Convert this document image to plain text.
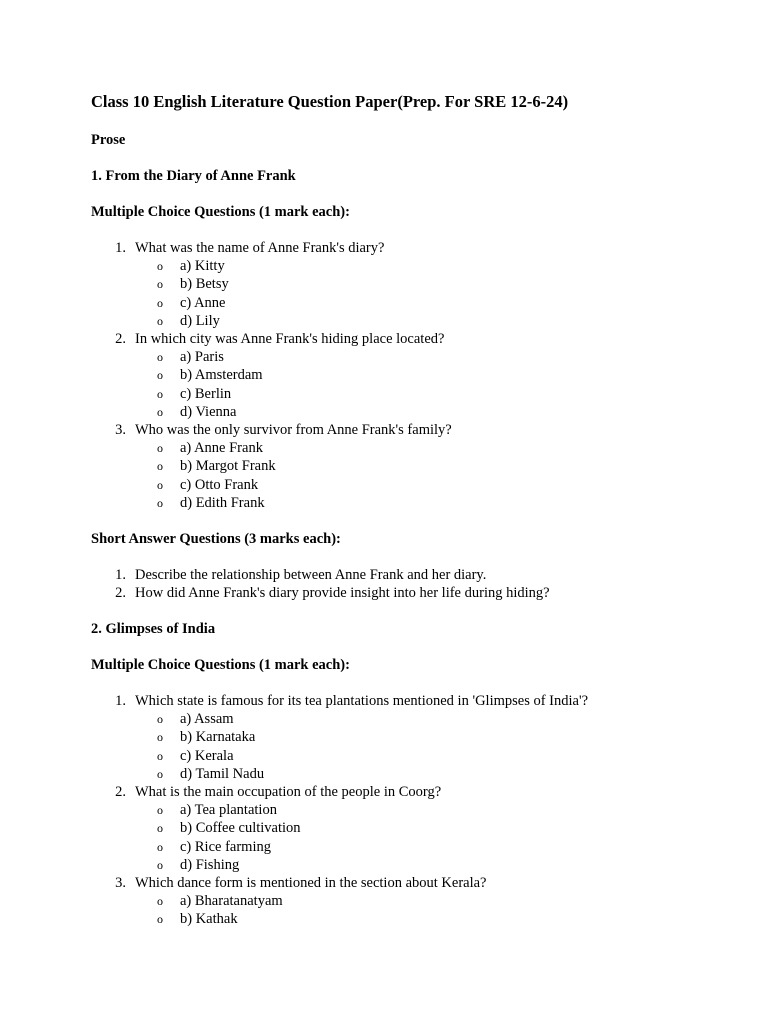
Class 10 English Literature Question Paper(Prep. For SRE 12-6-24)
Prose
1. From the Diary of Anne Frank
Multiple Choice Questions (1 mark each):
1. What was the name of Anne Frank's diary?
o a) Kitty
o b) Betsy
o c) Anne
o d) Lily
2. In which city was Anne Frank's hiding place located?
o a) Paris
o b) Amsterdam
o c) Berlin
o d) Vienna
3. Who was the only survivor from Anne Frank's family?
o a) Anne Frank
o b) Margot Frank
o c) Otto Frank
o d) Edith Frank
Short Answer Questions (3 marks each):
1. Describe the relationship between Anne Frank and her diary.
2. How did Anne Frank's diary provide insight into her life during hiding?
2. Glimpses of India
Multiple Choice Questions (1 mark each):
1. Which state is famous for its tea plantations mentioned in 'Glimpses of India'?
o a) Assam
o b) Karnataka
o c) Kerala
o d) Tamil Nadu
2. What is the main occupation of the people in Coorg?
o a) Tea plantation
o b) Coffee cultivation
o c) Rice farming
o d) Fishing
3. Which dance form is mentioned in the section about Kerala?
o a) Bharatanatyam
o b) Kathak
